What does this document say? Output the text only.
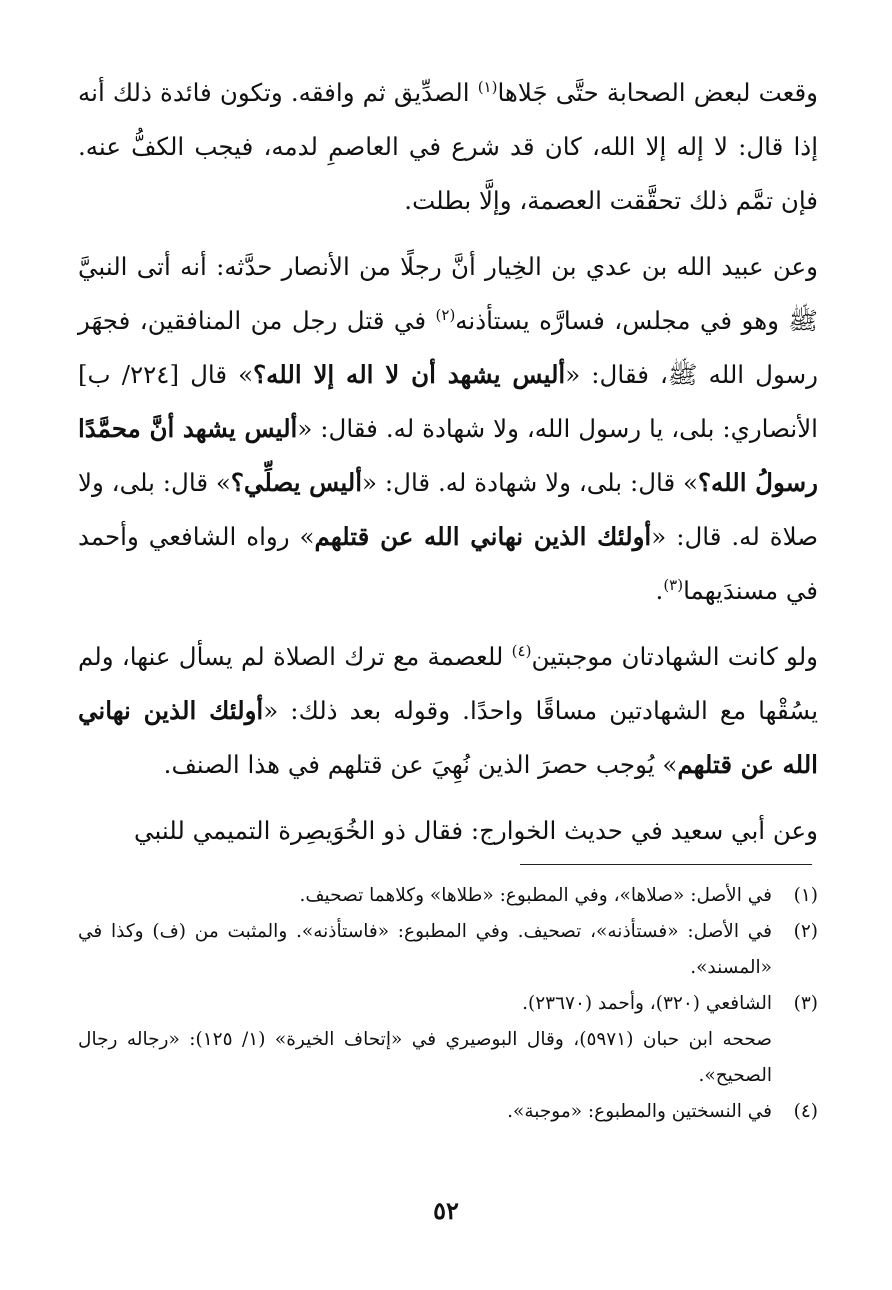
وقعت لبعض الصحابة حتَّى جَلاها$^{(١)}$ الصدِّيق ثم وافقه. وتكون فائدة ذلك أنه إذا قال: لا إله إلا الله، كان قد شرع في العاصمِ لدمه، فيجب الكفُّ عنه. فإن تمَّم ذلك تحقَّقت العصمة، وإلَّا بطلت.

وعن عبيد الله بن عدي بن الخِيار أنَّ رجلًا من الأنصار حدَّثه: أنه أتى النبيَّ ﷺ وهو في مجلس، فسارَّه يستأذنه$^{(٢)}$ في قتل رجل من المنافقين، فجهَر رسول الله ﷺ، فقال: «أليس يشهد أن لا اله إلا الله؟» قال [٢٢٤/ ب] الأنصاري: بلى، يا رسول الله، ولا شهادة له. فقال: «أليس يشهد أنَّ محمَّدًا رسولُ الله؟» قال: بلى، ولا شهادة له. قال: «أليس يصلِّي؟» قال: بلى، ولا صلاة له. قال: «أولئك الذين نهاني الله عن قتلهم» رواه الشافعي وأحمد في مسندَيهما$^{(٣)}$.

ولو كانت الشهادتان موجبتين$^{(٤)}$ للعصمة مع ترك الصلاة لم يسأل عنها، ولم يسُقْها مع الشهادتين مساقًا واحدًا. وقوله بعد ذلك: «أولئك الذين نهاني الله عن قتلهم» يُوجب حصرَ الذين نُهِيَ عن قتلهم في هذا الصنف.

وعن أبي سعيد في حديث الخوارج: فقال ذو الخُوَيصِرة التميمي للنبي

(١)
في الأصل: «صلاها»، وفي المطبوع: «طلاها» وكلاهما تصحيف.
(٢)
في الأصل: «فستأذنه»، تصحيف. وفي المطبوع: «فاستأذنه». والمثبت من (ف) وكذا في «المسند».
(٣)
الشافعي (٣٢٠)، وأحمد (٢٣٦٧٠).
صححه ابن حبان (٥٩٧١)، وقال البوصيري في «إتحاف الخيرة» (١/ ١٢٥): «رجاله رجال الصحيح».
(٤)
في النسختين والمطبوع: «موجبة».
٥٢
